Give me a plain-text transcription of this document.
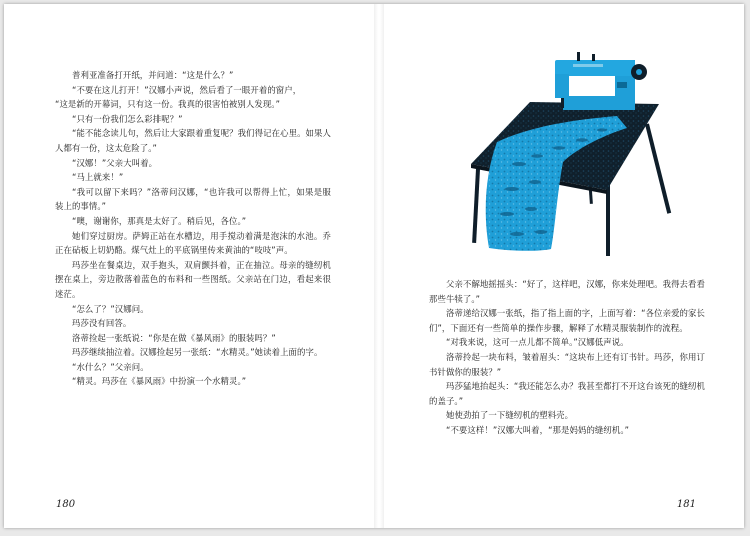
普利亚准备打开纸，并问道：“这是什么？”

“不要在这儿打开！”汉娜小声说，然后看了一眼开着的窗户，

“这是新的开幕词，只有这一份。我真的很害怕被别人发现。”

“只有一份我们怎么彩排呢？”

“能不能念读儿句，然后让大家跟着重复呢？我们得记在心里。如果人人都有一份，这太危险了。”

“汉娜！”父亲大叫着。

“马上就来！”

“我可以留下来吗？”洛蒂问汉娜，“也许我可以帮得上忙，如果是服装上的事情。”

“噢，谢谢你，那真是太好了。稍后见，各位。”

她们穿过厨房。萨姆正站在水槽边，用手搅动着满是泡沫的水池。乔正在砧板上切奶酪。煤气灶上的平底锅里传来黄油的“吱吱”声。

玛莎坐在餐桌边，双手抱头，双肩颤抖着，正在抽泣。母亲的缝纫机摆在桌上，旁边散落着蓝色的布料和一些图纸。父亲站在门边，看起来很迷茫。

“怎么了？”汉娜问。

玛莎没有回答。

洛蒂捡起一张纸说：“你是在做《暴风雨》的服装吗？”

玛莎继续抽泣着。汉娜捡起另一张纸：“水精灵。”她读着上面的字。

“水什么？”父亲问。

“精灵。玛莎在《暴风雨》中扮演一个水精灵。”

180

父亲不解地摇摇头：“好了，这样吧，汉娜，你来处理吧。我得去看看那些牛犊了。”

洛蒂递给汉娜一张纸，指了指上面的字，上面写着：“各位亲爱的家长们”，下面还有一些简单的操作步骤，解释了水精灵服装制作的流程。

“对我来说，这可一点儿都不简单。”汉娜低声说。

洛蒂拎起一块布料，皱着眉头：“这块布上还有订书针。玛莎，你用订书针做你的服装？”

玛莎猛地抬起头：“我还能怎么办？我甚至都打不开这台该死的缝纫机的盖子。”

她使劲拍了一下缝纫机的塑料壳。

“不要这样！”汉娜大叫着，“那是妈妈的缝纫机。”

181
